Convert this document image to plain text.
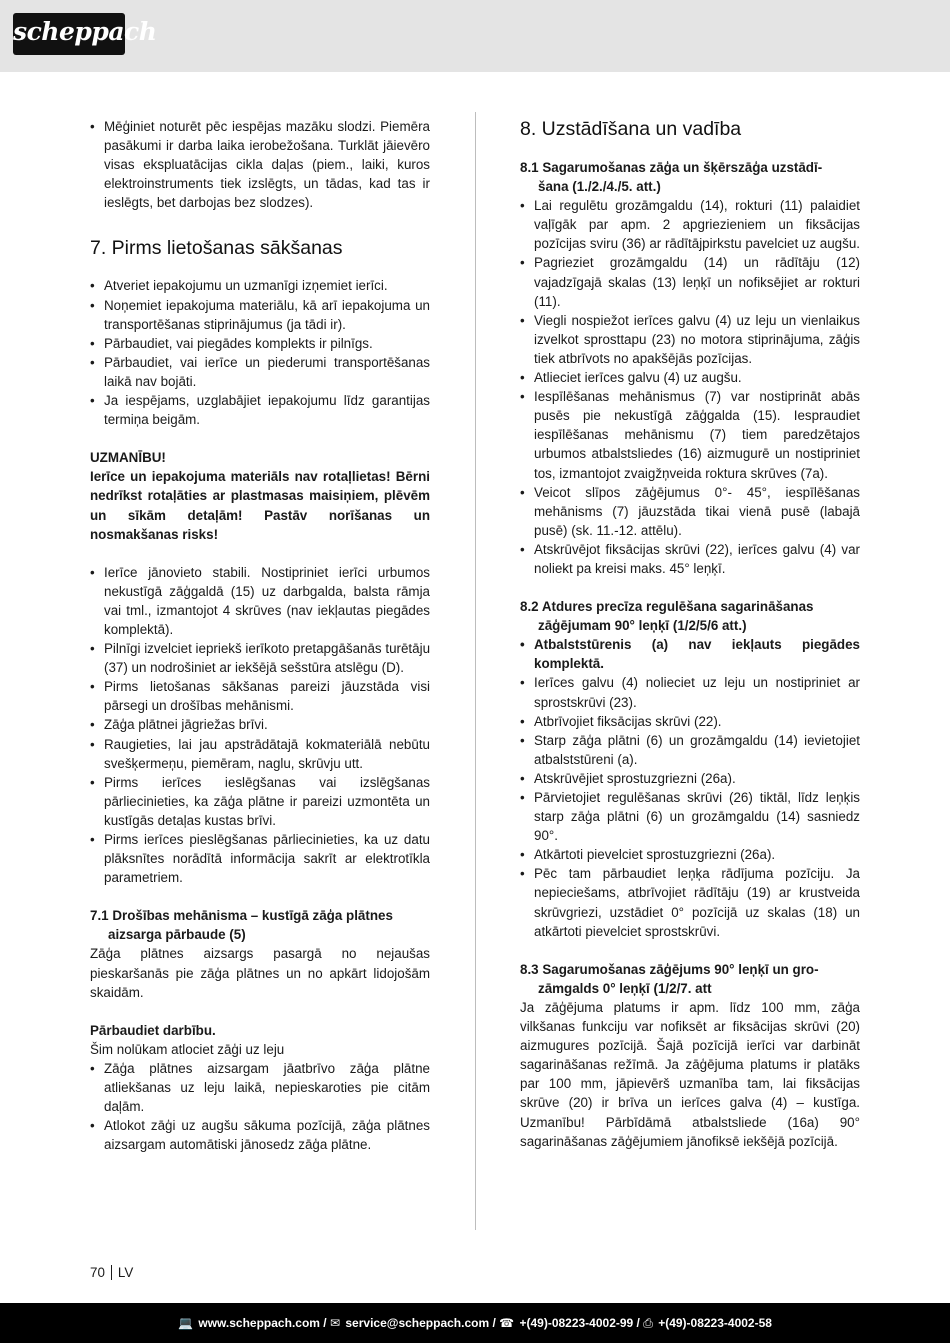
scheppach
• Mēģiniet noturēt pēc iespējas mazāku slodzi. Piemēra pasākumi ir darba laika ierobežošana. Turklāt jāievēro visas ekspluatācijas cikla daļas (piem., laiki, kuros elektroinstruments tiek izslēgts, un tādas, kad tas ir ieslēgts, bet darbojas bez slodzes).
7. Pirms lietošanas sākšanas
• Atveriet iepakojumu un uzmanīgi izņemiet ierīci.
• Noņemiet iepakojuma materiālu, kā arī iepakojuma un transportēšanas stiprinājumus (ja tādi ir).
• Pārbaudiet, vai piegādes komplekts ir pilnīgs.
• Pārbaudiet, vai ierīce un piederumi transportēšanas laikā nav bojāti.
• Ja iespējams, uzglabājiet iepakojumu līdz garantijas termiņa beigām.
UZMANĪBU!
Ierīce un iepakojuma materiāls nav rotaļlietas! Bērni nedrīkst rotaļāties ar plastmasas maisiņiem, plēvēm un sīkām detaļām! Pastāv norīšanas un nosmakšanas risks!
• Ierīce jānovieto stabili. Nostipriniet ierīci urbumos nekustīgā zāģgaldā (15) uz darbgalda, balsta rāmja vai tml., izmantojot 4 skrūves (nav iekļautas piegādes komplektā).
• Pilnīgi izvelciet iepriekš ierīkoto pretapgāšanās turētāju (37) un nodrošiniet ar iekšējā sešstūra atslēgu (D).
• Pirms lietošanas sākšanas pareizi jāuzstāda visi pārsegi un drošības mehānismi.
• Zāģa plātnei jāgriežas brīvi.
• Raugieties, lai jau apstrādātajā kokmateriālā nebūtu svešķermeņu, piemēram, naglu, skrūvju utt.
• Pirms ierīces ieslēgšanas vai izslēgšanas pārliecinieties, ka zāģa plātne ir pareizi uzmontēta un kustīgās detaļas kustas brīvi.
• Pirms ierīces pieslēgšanas pārliecinieties, ka uz datu plāksnītes norādītā informācija sakrīt ar elektrotīkla parametriem.
7.1 Drošības mehānisma – kustīgā zāģa plātnes
aizsarga pārbaude (5)
Zāģa plātnes aizsargs pasargā no nejaušas pieskaršanās pie zāģa plātnes un no apkārt lidojošām skaidām.
Pārbaudiet darbību.
Šim nolūkam atlociet zāģi uz leju
• Zāģa plātnes aizsargam jāatbrīvo zāģa plātne atliekšanas uz leju laikā, nepieskaroties pie citām daļām.
• Atlokot zāģi uz augšu sākuma pozīcijā, zāģa plātnes aizsargam automātiski jānosedz zāģa plātne.
8. Uzstādīšana un vadība
8.1 Sagarumošanas zāģa un šķērszāģa uzstādī-
šana (1./2./4./5. att.)
• Lai regulētu grozāmgaldu (14), rokturi (11) palaidiet vaļīgāk par apm. 2 apgriezieniem un fiksācijas pozīcijas sviru (36) ar rādītājpirkstu pavelciet uz augšu.
• Pagrieziet grozāmgaldu (14) un rādītāju (12) vajadzīgajā skalas (13) leņķī un nofiksējiet ar rokturi (11).
• Viegli nospiežot ierīces galvu (4) uz leju un vienlaikus izvelkot sprosttapu (23) no motora stiprinājuma, zāģis tiek atbrīvots no apakšējās pozīcijas.
• Atlieciet ierīces galvu (4) uz augšu.
• Iespīlēšanas mehānismus (7) var nostiprināt abās pusēs pie nekustīgā zāģgalda (15). Iespraudiet iespīlēšanas mehānismu (7) tiem paredzētajos urbumos atbalstsliedes (16) aizmugurē un nostipriniet tos, izmantojot zvaigžņveida roktura skrūves (7a).
• Veicot slīpos zāģējumus 0°- 45°, iespīlēšanas mehānisms (7) jāuzstāda tikai vienā pusē (labajā pusē) (sk. 11.-12. attēlu).
• Atskrūvējot fiksācijas skrūvi (22), ierīces galvu (4) var noliekt pa kreisi maks. 45° leņķī.
8.2 Atdures precīza regulēšana sagarināšanas
zāģējumam 90° leņķī (1/2/5/6 att.)
• Atbalststūrenis (a) nav iekļauts piegādes komplektā.
• Ierīces galvu (4) nolieciet uz leju un nostipriniet ar sprostskrūvi (23).
• Atbrīvojiet fiksācijas skrūvi (22).
• Starp zāģa plātni (6) un grozāmgaldu (14) ievietojiet atbalststūreni (a).
• Atskrūvējiet sprostuzgriezni (26a).
• Pārvietojiet regulēšanas skrūvi (26) tiktāl, līdz leņķis starp zāģa plātni (6) un grozāmgaldu (14) sasniedz 90°.
• Atkārtoti pievelciet sprostuzgriezni (26a).
• Pēc tam pārbaudiet leņķa rādījuma pozīciju. Ja nepieciešams, atbrīvojiet rādītāju (19) ar krustveida skrūvgriezi, uzstādiet 0° pozīcijā uz skalas (18) un atkārtoti pievelciet sprostskrūvi.
8.3 Sagarumošanas zāģējums 90° leņķī un gro-
zāmgalds 0° leņķī (1/2/7. att
Ja zāģējuma platums ir apm. līdz 100 mm, zāģa vilkšanas funkciju var nofiksēt ar fiksācijas skrūvi (20) aizmugures pozīcijā. Šajā pozīcijā ierīci var darbināt sagarināšanas režīmā. Ja zāģējuma platums ir platāks par 100 mm, jāpievērš uzmanība tam, lai fiksācijas skrūve (20) ir brīva un ierīces galva (4) – kustīga. Uzmanību! Pārbīdāmā atbalstsliede (16a) 90° sagarināšanas zāģējumiem jānofiksē iekšējā pozīcijā.
70 LV
💻 www.scheppach.com / ✉ service@scheppach.com / ☎ +(49)-08223-4002-99 / ⎙ +(49)-08223-4002-58
